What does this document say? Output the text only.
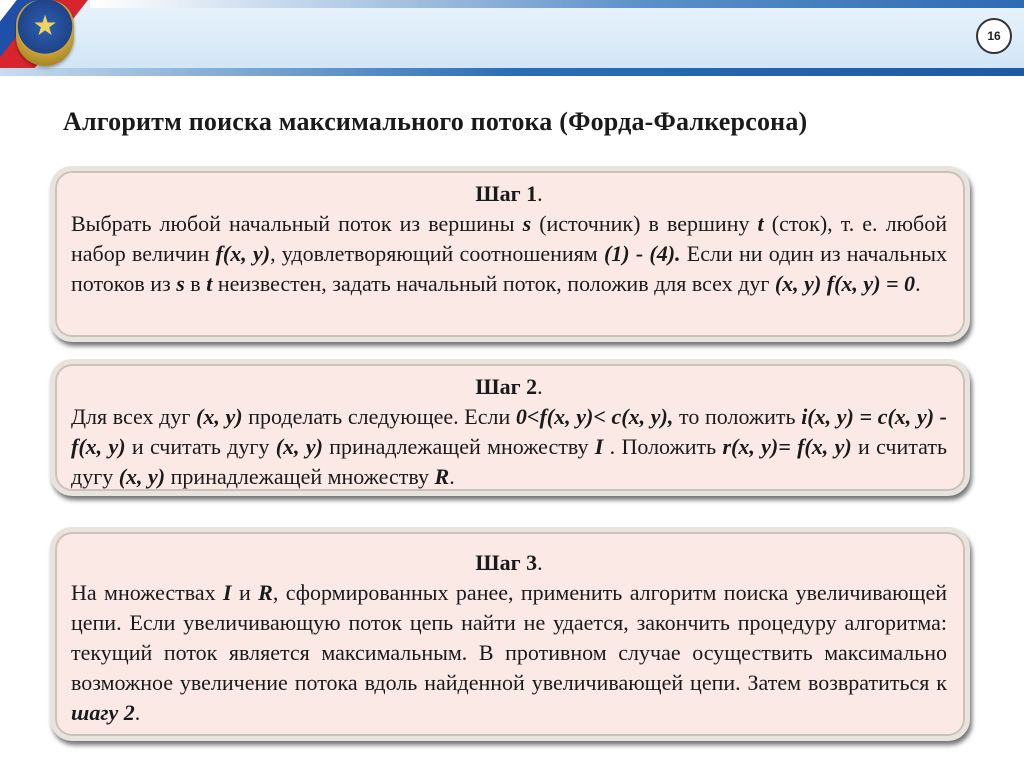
★	16
Алгоритм поиска максимального потока (Форда-Фалкерсона)
Шаг 1.
Выбрать любой начальный поток из вершины s (источник) в вершину t (сток), т. е. любой набор величин f(x, y), удовлетворяющий соотношениям (1) - (4). Если ни один из начальных потоков из s в t неизвестен, задать начальный поток, положив для всех дуг (x, y) f(x, y) = 0.
Шаг 2.
Для всех дуг (x, y) проделать следующее. Если 0<f(x, y)< c(x, y), то положить i(x, y) = c(x, y) - f(x, y) и считать дугу (x, y) принадлежащей множеству I . Положить r(x, y)= f(x, y) и считать дугу (x, y) принадлежащей множеству R.
Шаг 3.
На множествах I и R, сформированных ранее, применить алгоритм поиска увеличивающей цепи. Если увеличивающую поток цепь найти не удается, закончить процедуру алгоритма: текущий поток является максимальным. В противном случае осуществить максимально возможное увеличение потока вдоль найденной увеличивающей цепи. Затем возвратиться к шагу 2.
